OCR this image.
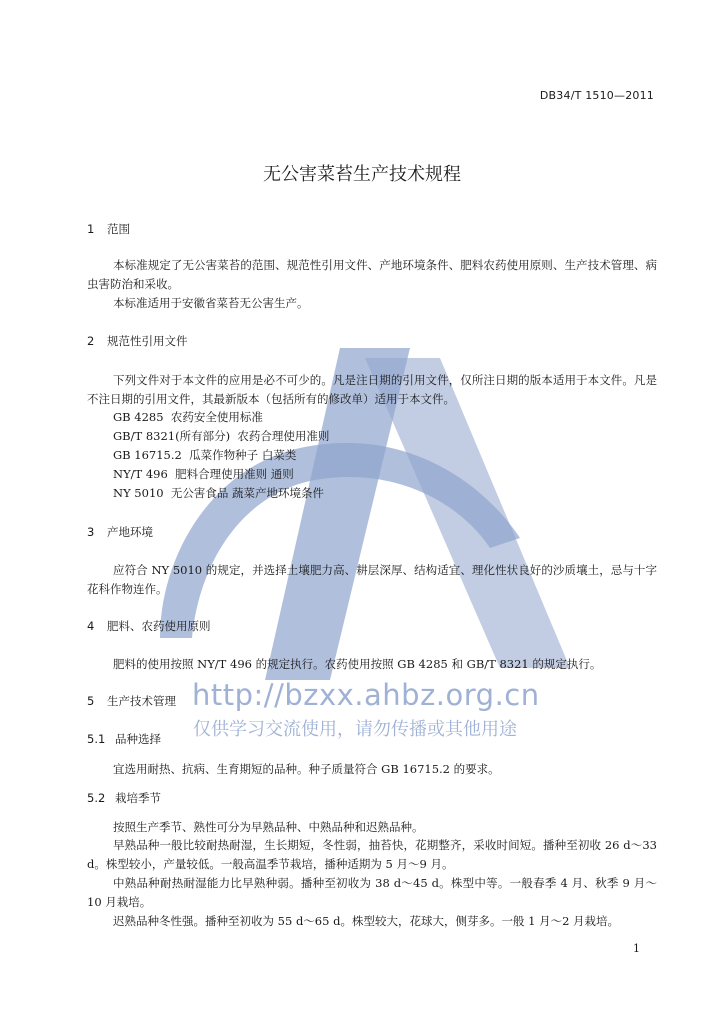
DB34/T 1510—2011
无公害菜苔生产技术规程
1 范围
本标准规定了无公害菜苔的范围、规范性引用文件、产地环境条件、肥料农药使用原则、生产技术管理、病虫害防治和采收。
本标准适用于安徽省菜苔无公害生产。
2 规范性引用文件
下列文件对于本文件的应用是必不可少的。凡是注日期的引用文件，仅所注日期的版本适用于本文件。凡是不注日期的引用文件，其最新版本（包括所有的修改单）适用于本文件。
GB 4285  农药安全使用标准
GB/T 8321(所有部分)  农药合理使用准则
GB 16715.2  瓜菜作物种子 白菜类
NY/T 496  肥料合理使用准则 通则
NY 5010  无公害食品 蔬菜产地环境条件
3 产地环境
应符合 NY 5010 的规定，并选择土壤肥力高、耕层深厚、结构适宜、理化性状良好的沙质壤土，忌与十字花科作物连作。
4 肥料、农药使用原则
肥料的使用按照 NY/T 496 的规定执行。农药使用按照 GB 4285 和 GB/T 8321 的规定执行。
5 生产技术管理
5.1 品种选择
宜选用耐热、抗病、生育期短的品种。种子质量符合 GB 16715.2 的要求。
5.2 栽培季节
按照生产季节、熟性可分为早熟品种、中熟品种和迟熟品种。
早熟品种一般比较耐热耐湿，生长期短，冬性弱，抽苔快，花期整齐，采收时间短。播种至初收 26 d～33 d。株型较小，产量较低。一般高温季节栽培，播种适期为 5 月～9 月。
中熟品种耐热耐湿能力比早熟种弱。播种至初收为 38 d～45 d。株型中等。一般春季 4 月、秋季 9 月～10 月栽培。
迟熟品种冬性强。播种至初收为 55 d～65 d。株型较大，花球大，侧芽多。一般 1 月～2 月栽培。
1
http://bzxx.ahbz.org.cn
仅供学习交流使用，请勿传播或其他用途
